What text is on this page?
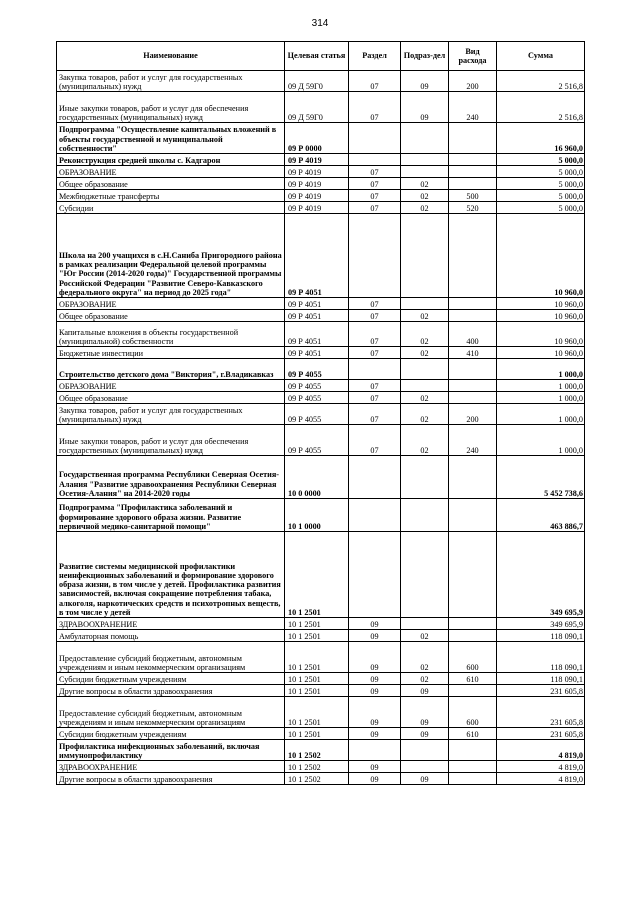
314
Наименование	Целевая статья	Раздел	Подраз-дел	Вид расхода	Сумма
Закупка товаров, работ и услуг для государственных (муниципальных) нужд	09 Д 59Г0	07	09	200	2 516,8
Иные закупки товаров, работ и услуг для обеспечения государственных (муниципальных) нужд	09 Д 59Г0	07	09	240	2 516,8
Подпрограмма "Осуществление капитальных вложений в объекты государственной и муниципальной собственности"	09 Р 0000				16 960,0
Реконструкция средней школы с. Кадгарон	09 Р 4019				5 000,0
ОБРАЗОВАНИЕ	09 Р 4019	07			5 000,0
Общее образование	09 Р 4019	07	02		5 000,0
Межбюджетные трансферты	09 Р 4019	07	02	500	5 000,0
Субсидии	09 Р 4019	07	02	520	5 000,0
Школа на 200 учащихся в с.Н.Саниба Пригородного района в рамках реализации Федеральной целевой программы "Юг России (2014-2020 годы)" Государственной программы Российской Федерации "Развитие Северо-Кавказского федерального округа" на период до 2025 года"	09 Р 4051				10 960,0
ОБРАЗОВАНИЕ	09 Р 4051	07			10 960,0
Общее образование	09 Р 4051	07	02		10 960,0
Капитальные вложения в объекты государственной (муниципальной) собственности	09 Р 4051	07	02	400	10 960,0
Бюджетные инвестиции	09 Р 4051	07	02	410	10 960,0
Строительство детского дома "Виктория", г.Владикавказ	09 Р 4055				1 000,0
ОБРАЗОВАНИЕ	09 Р 4055	07			1 000,0
Общее образование	09 Р 4055	07	02		1 000,0
Закупка товаров, работ и услуг для государственных (муниципальных) нужд	09 Р 4055	07	02	200	1 000,0
Иные закупки товаров, работ и услуг для обеспечения государственных (муниципальных) нужд	09 Р 4055	07	02	240	1 000,0
Государственная программа Республики Северная Осетия-Алания "Развитие здравоохранения Республики Северная Осетия-Алания" на 2014-2020 годы	10 0 0000				5 452 738,6
Подпрограмма "Профилактика заболеваний и формирование здорового образа жизни. Развитие первичной медико-санитарной помощи"	10 1 0000				463 886,7
Развитие системы медицинской профилактики неинфекционных заболеваний и формирование здорового образа жизни, в том числе у детей. Профилактика развития зависимостей, включая сокращение потребления табака, алкоголя, наркотических средств и психотропных веществ, в том числе у детей	10 1 2501				349 695,9
ЗДРАВООХРАНЕНИЕ	10 1 2501	09			349 695,9
Амбулаторная помощь	10 1 2501	09	02		118 090,1
Предоставление субсидий бюджетным, автономным учреждениям и иным некоммерческим организациям	10 1 2501	09	02	600	118 090,1
Субсидии бюджетным учреждениям	10 1 2501	09	02	610	118 090,1
Другие вопросы в области здравоохранения	10 1 2501	09	09		231 605,8
Предоставление субсидий бюджетным, автономным учреждениям и иным некоммерческим организациям	10 1 2501	09	09	600	231 605,8
Субсидии бюджетным учреждениям	10 1 2501	09	09	610	231 605,8
Профилактика инфекционных заболеваний, включая иммунопрофилактику	10 1 2502				4 819,0
ЗДРАВООХРАНЕНИЕ	10 1 2502	09			4 819,0
Другие вопросы в области здравоохранения	10 1 2502	09	09		4 819,0
